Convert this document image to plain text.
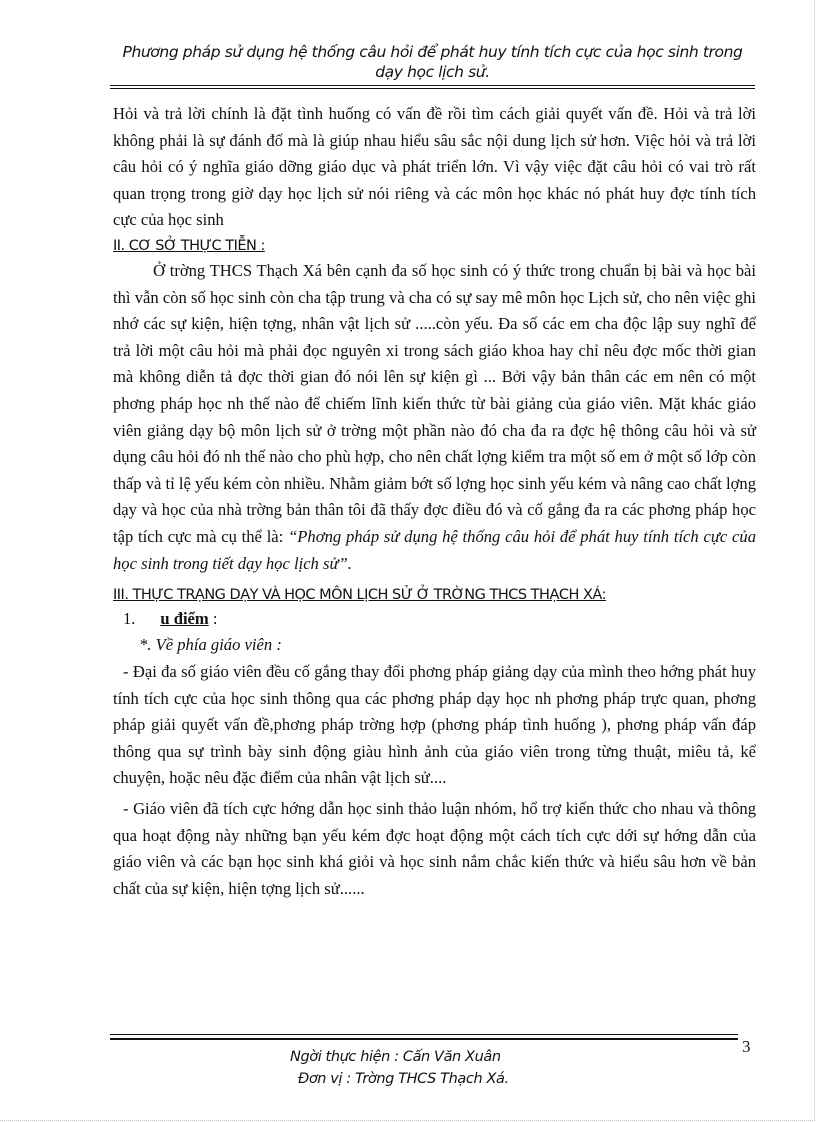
Phương pháp sử dụng hệ thống câu hỏi để phát huy tính tích cực của học sinh trong
dạy học lịch sử.

Hỏi và trả lời chính là đặt tình huống có vấn đề rồi tìm cách giải quyết vấn đề. Hỏi và trả lời không phải là sự đánh đố mà là giúp nhau hiểu sâu sắc nội dung lịch sử hơn. Việc hỏi và trả lời câu hỏi có ý nghĩa giáo dỡng giáo dục và phát triển lớn. Vì vậy việc đặt câu hỏi có vai trò rất quan trọng trong giờ dạy học lịch sử nói riêng và các môn học khác nó phát huy đợc tính tích cực của học sinh

II. CƠ SỞ THỰC TIỄN :

Ở trờng THCS Thạch Xá bên cạnh đa số học sinh có ý thức trong chuẩn bị bài và học bài thì vẫn còn số học sinh còn cha tập trung và cha có sự say mê môn học Lịch sử, cho nên việc ghi nhớ các sự kiện, hiện tợng, nhân vật lịch sử .....còn yếu. Đa số các em cha độc lập suy nghĩ để trả lời một câu hỏi mà phải đọc nguyên xi trong sách giáo khoa hay chỉ nêu đợc mốc thời gian mà không diễn tả đợc thời gian đó nói lên sự kiện gì ... Bởi vậy bản thân các em nên có một phơng pháp học nh thế nào để chiếm lĩnh kiến thức từ bài giảng của giáo viên. Mặt khác giáo viên giảng dạy bộ môn lịch sử ở trờng một phần nào đó cha đa ra đợc hệ thông câu hỏi và sử dụng câu hỏi đó nh thế nào cho phù hợp, cho nên chất lợng kiểm tra một số em ở một số lớp còn thấp và tỉ lệ yếu kém còn nhiều. Nhằm giảm bớt số lợng học sinh yếu kém và nâng cao chất lợng dạy và học của nhà trờng bản thân tôi đã thấy đợc điều đó và cố gắng đa ra các phơng pháp học tập tích cực mà cụ thể là: “Phơng pháp sử dụng hệ thống câu hỏi để phát huy tính tích cực của học sinh trong tiết dạy học lịch sử”.

III. THỰC TRẠNG DẠY VÀ HỌC MÔN LỊCH SỬ Ở TRỜNG THCS THẠCH XÁ:

1. u điểm :

*. Về phía giáo viên :

- Đại đa số giáo viên đều cố gắng thay đổi phơng pháp giảng dạy của mình theo hớng phát huy tính tích cực của học sinh thông qua các phơng pháp dạy học nh phơng pháp trực quan, phơng pháp giải quyết vấn đề,phơng pháp trờng hợp (phơng pháp tình huống ), phơng pháp vấn đáp thông qua sự trình bày sinh động giàu hình ảnh của giáo viên trong từng thuật, miêu tả, kể chuyện, hoặc nêu đặc điểm của nhân vật lịch sử....

- Giáo viên đã tích cực hớng dẫn học sinh thảo luận nhóm, hổ trợ kiến thức cho nhau và thông qua hoạt động này những bạn yếu kém đợc hoạt động một cách tích cực dới sự hớng dẫn của giáo viên và các bạn học sinh khá giỏi và học sinh nắm chắc kiến thức và hiểu sâu hơn về bản chất của sự kiện, hiện tợng lịch sử......

Ngời thực hiện : Cấn Văn Xuân
Đơn vị : Trờng THCS Thạch Xá.
3
